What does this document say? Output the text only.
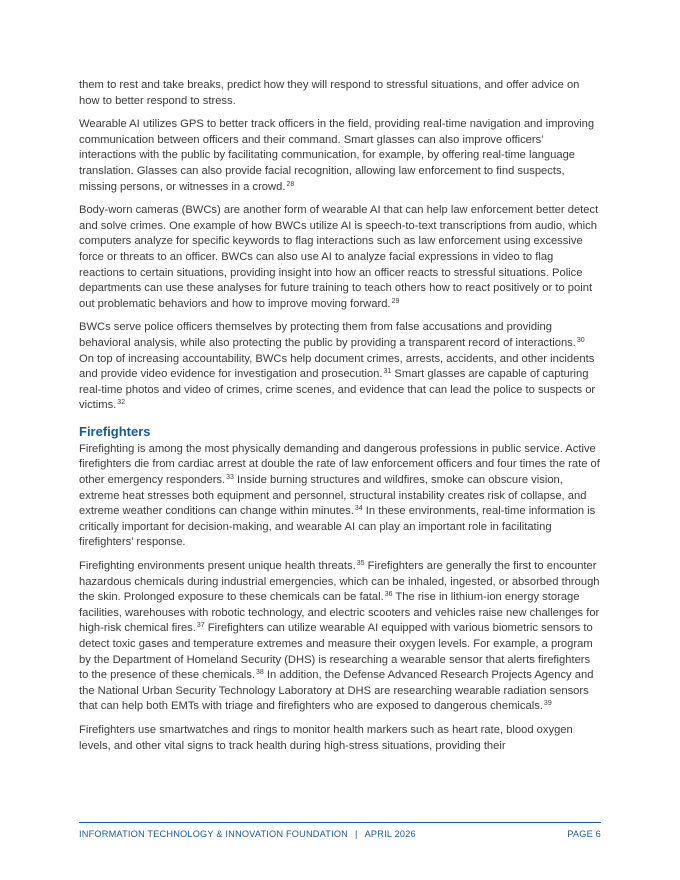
them to rest and take breaks, predict how they will respond to stressful situations, and offer advice on how to better respond to stress.

Wearable AI utilizes GPS to better track officers in the field, providing real-time navigation and improving communication between officers and their command. Smart glasses can also improve officers’ interactions with the public by facilitating communication, for example, by offering real-time language translation. Glasses can also provide facial recognition, allowing law enforcement to find suspects, missing persons, or witnesses in a crowd.$^{28}$

Body-worn cameras (BWCs) are another form of wearable AI that can help law enforcement better detect and solve crimes. One example of how BWCs utilize AI is speech-to-text transcriptions from audio, which computers analyze for specific keywords to flag interactions such as law enforcement using excessive force or threats to an officer. BWCs can also use AI to analyze facial expressions in video to flag reactions to certain situations, providing insight into how an officer reacts to stressful situations. Police departments can use these analyses for future training to teach others how to react positively or to point out problematic behaviors and how to improve moving forward.$^{29}$

BWCs serve police officers themselves by protecting them from false accusations and providing behavioral analysis, while also protecting the public by providing a transparent record of interactions.$^{30}$ On top of increasing accountability, BWCs help document crimes, arrests, accidents, and other incidents and provide video evidence for investigation and prosecution.$^{31}$ Smart glasses are capable of capturing real-time photos and video of crimes, crime scenes, and evidence that can lead the police to suspects or victims.$^{32}$

Firefighters

Firefighting is among the most physically demanding and dangerous professions in public service. Active firefighters die from cardiac arrest at double the rate of law enforcement officers and four times the rate of other emergency responders.$^{33}$ Inside burning structures and wildfires, smoke can obscure vision, extreme heat stresses both equipment and personnel, structural instability creates risk of collapse, and extreme weather conditions can change within minutes.$^{34}$ In these environments, real-time information is critically important for decision-making, and wearable AI can play an important role in facilitating firefighters’ response.

Firefighting environments present unique health threats.$^{35}$ Firefighters are generally the first to encounter hazardous chemicals during industrial emergencies, which can be inhaled, ingested, or absorbed through the skin. Prolonged exposure to these chemicals can be fatal.$^{36}$ The rise in lithium-ion energy storage facilities, warehouses with robotic technology, and electric scooters and vehicles raise new challenges for high-risk chemical fires.$^{37}$ Firefighters can utilize wearable AI equipped with various biometric sensors to detect toxic gases and temperature extremes and measure their oxygen levels. For example, a program by the Department of Homeland Security (DHS) is researching a wearable sensor that alerts firefighters to the presence of these chemicals.$^{38}$ In addition, the Defense Advanced Research Projects Agency and the National Urban Security Technology Laboratory at DHS are researching wearable radiation sensors that can help both EMTs with triage and firefighters who are exposed to dangerous chemicals.$^{39}$

Firefighters use smartwatches and rings to monitor health markers such as heart rate, blood oxygen levels, and other vital signs to track health during high-stress situations, providing their

INFORMATION TECHNOLOGY & INNOVATION FOUNDATION | APRIL 2026	PAGE 6
